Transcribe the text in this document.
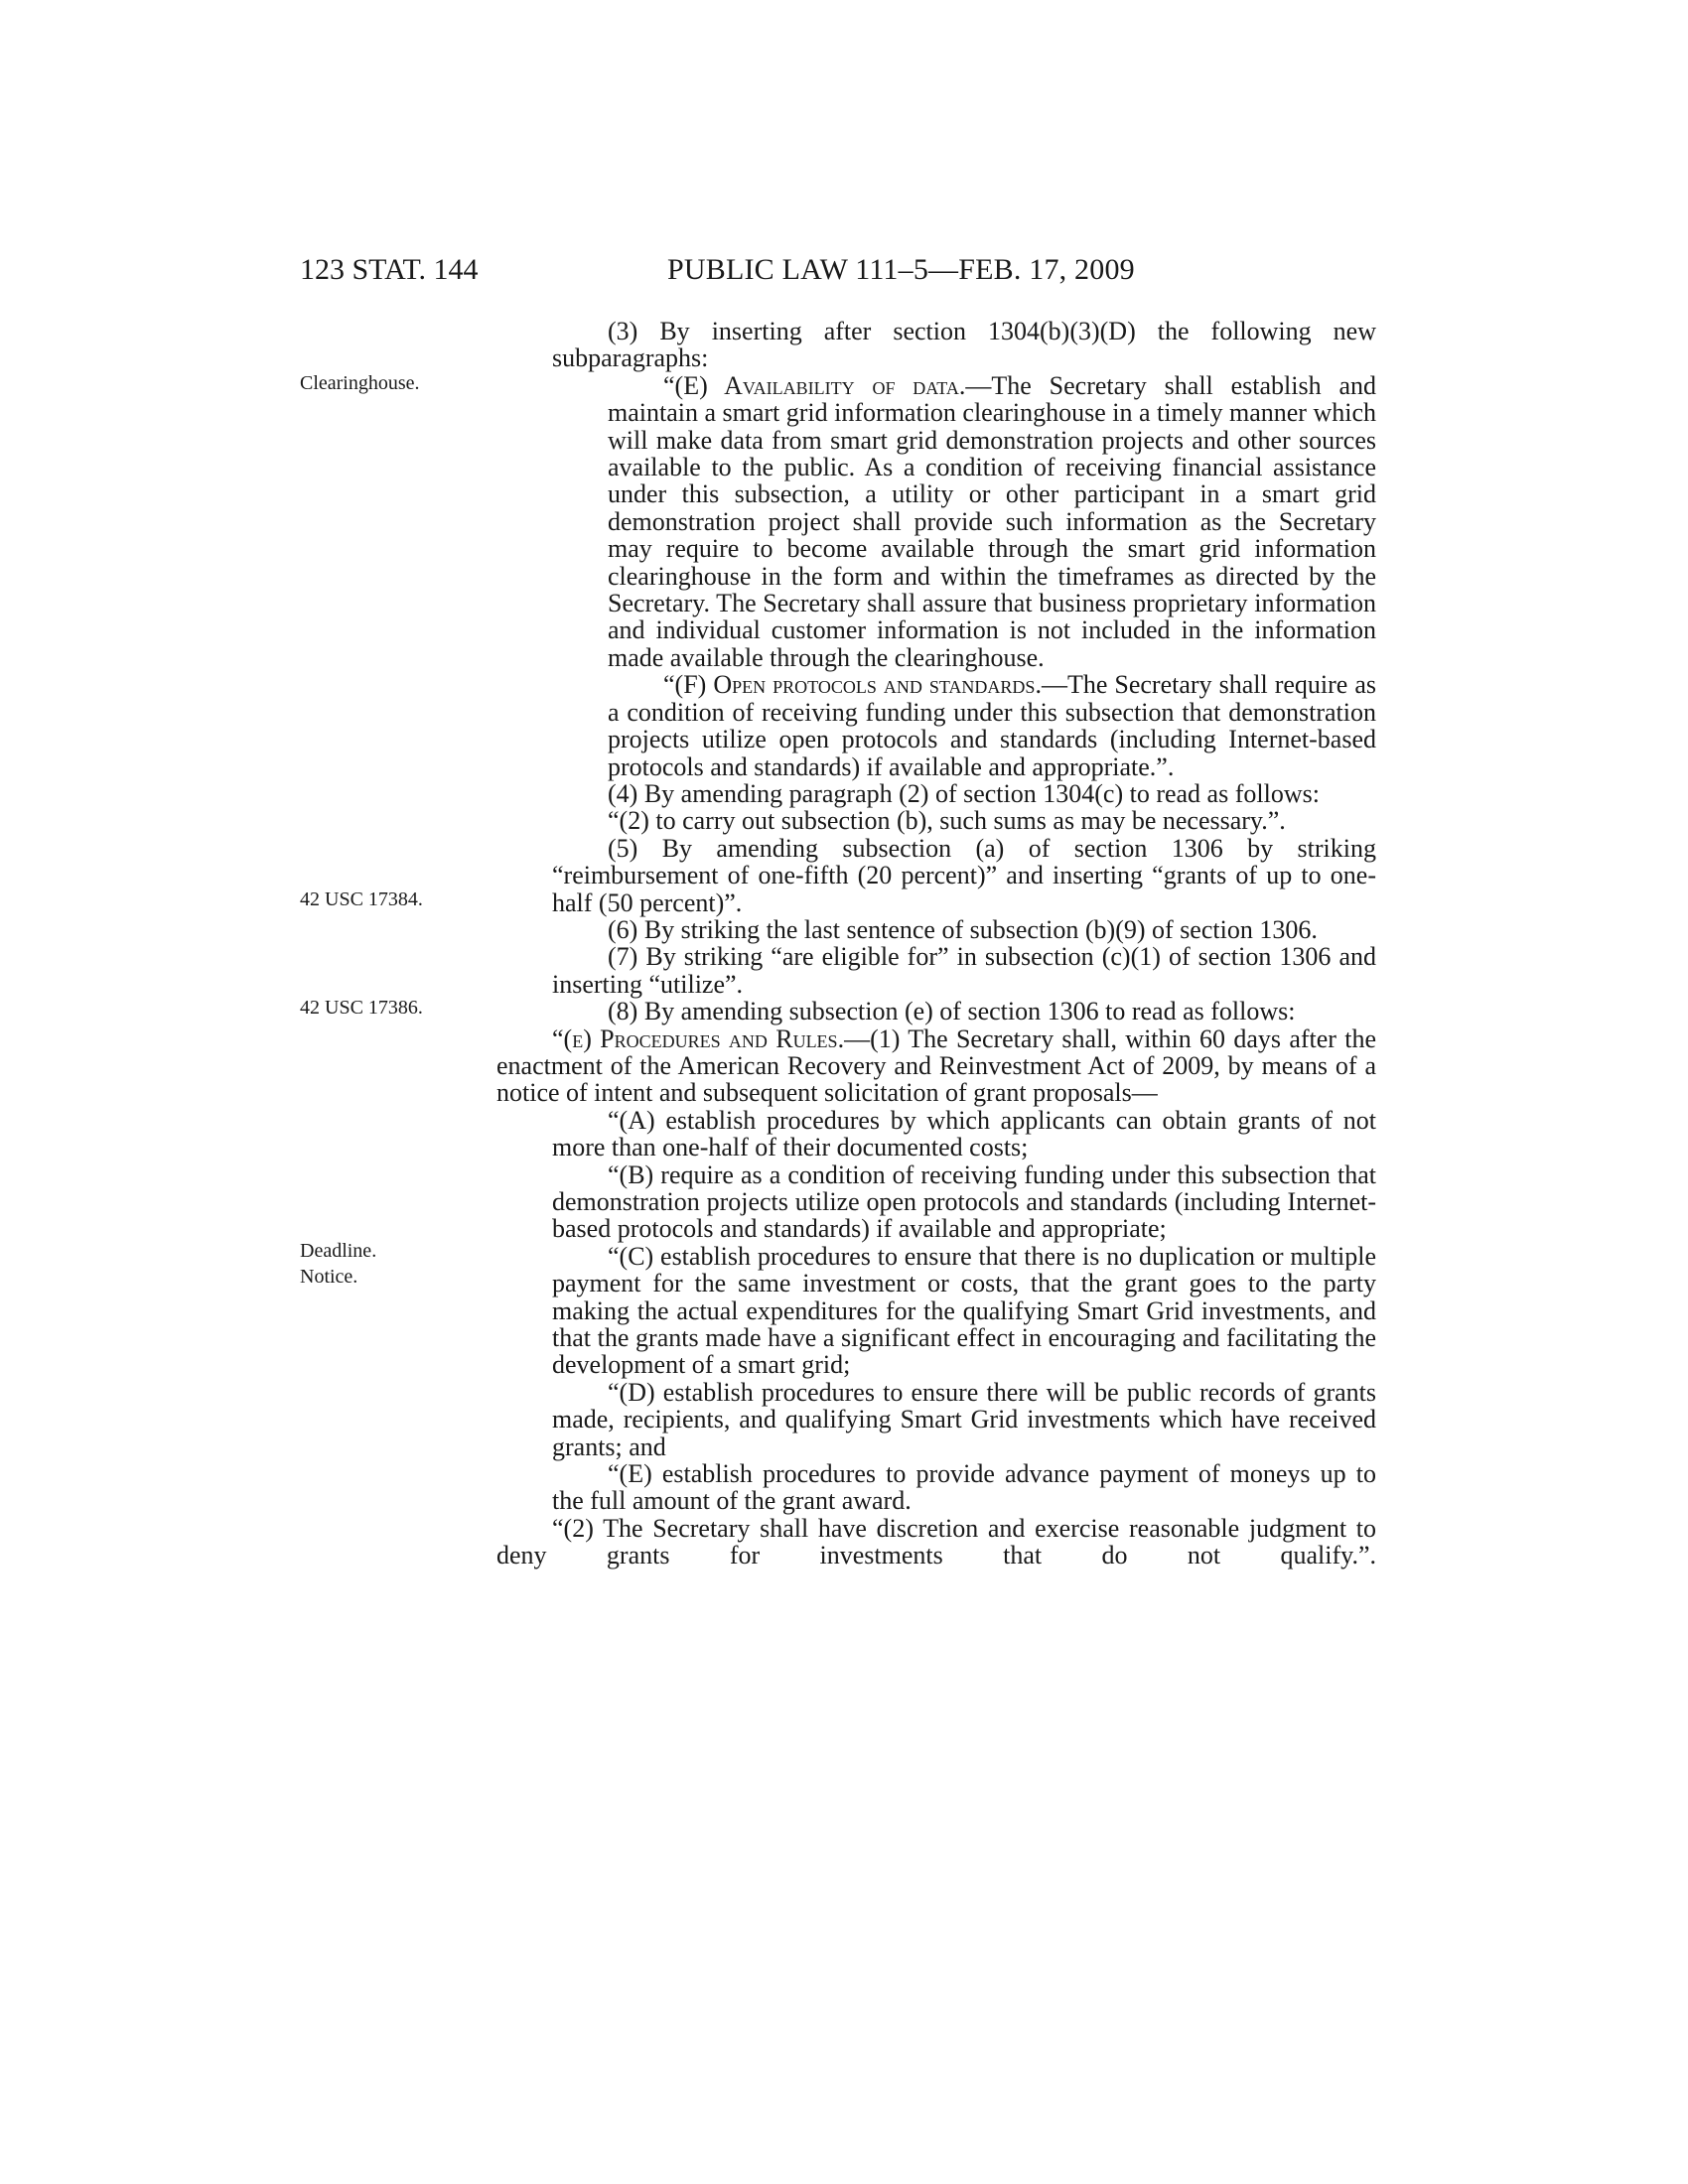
123 STAT. 144	PUBLIC LAW 111–5—FEB. 17, 2009
Clearinghouse.
42 USC 17384.
42 USC 17386.
Deadline.
Notice.

(3) By inserting after section 1304(b)(3)(D) the following new subparagraphs:

“(E) Availability of data.—The Secretary shall establish and maintain a smart grid information clearinghouse in a timely manner which will make data from smart grid demonstration projects and other sources available to the public. As a condition of receiving financial assistance under this subsection, a utility or other participant in a smart grid demonstration project shall provide such information as the Secretary may require to become available through the smart grid information clearinghouse in the form and within the timeframes as directed by the Secretary. The Secretary shall assure that business proprietary information and individual customer information is not included in the information made available through the clearinghouse.

“(F) Open protocols and standards.—The Secretary shall require as a condition of receiving funding under this subsection that demonstration projects utilize open protocols and standards (including Internet-based protocols and standards) if available and appropriate.”.

(4) By amending paragraph (2) of section 1304(c) to read as follows:

“(2) to carry out subsection (b), such sums as may be necessary.”.

(5) By amending subsection (a) of section 1306 by striking “reimbursement of one-fifth (20 percent)” and inserting “grants of up to one-half (50 percent)”.

(6) By striking the last sentence of subsection (b)(9) of section 1306.

(7) By striking “are eligible for” in subsection (c)(1) of section 1306 and inserting “utilize”.

(8) By amending subsection (e) of section 1306 to read as follows:

“(e) Procedures and Rules.—(1) The Secretary shall, within 60 days after the enactment of the American Recovery and Reinvestment Act of 2009, by means of a notice of intent and subsequent solicitation of grant proposals—

“(A) establish procedures by which applicants can obtain grants of not more than one-half of their documented costs;

“(B) require as a condition of receiving funding under this subsection that demonstration projects utilize open protocols and standards (including Internet-based protocols and standards) if available and appropriate;

“(C) establish procedures to ensure that there is no duplication or multiple payment for the same investment or costs, that the grant goes to the party making the actual expenditures for the qualifying Smart Grid investments, and that the grants made have a significant effect in encouraging and facilitating the development of a smart grid;

“(D) establish procedures to ensure there will be public records of grants made, recipients, and qualifying Smart Grid investments which have received grants; and

“(E) establish procedures to provide advance payment of moneys up to the full amount of the grant award.

“(2) The Secretary shall have discretion and exercise reasonable judgment to deny grants for investments that do not qualify.”.
